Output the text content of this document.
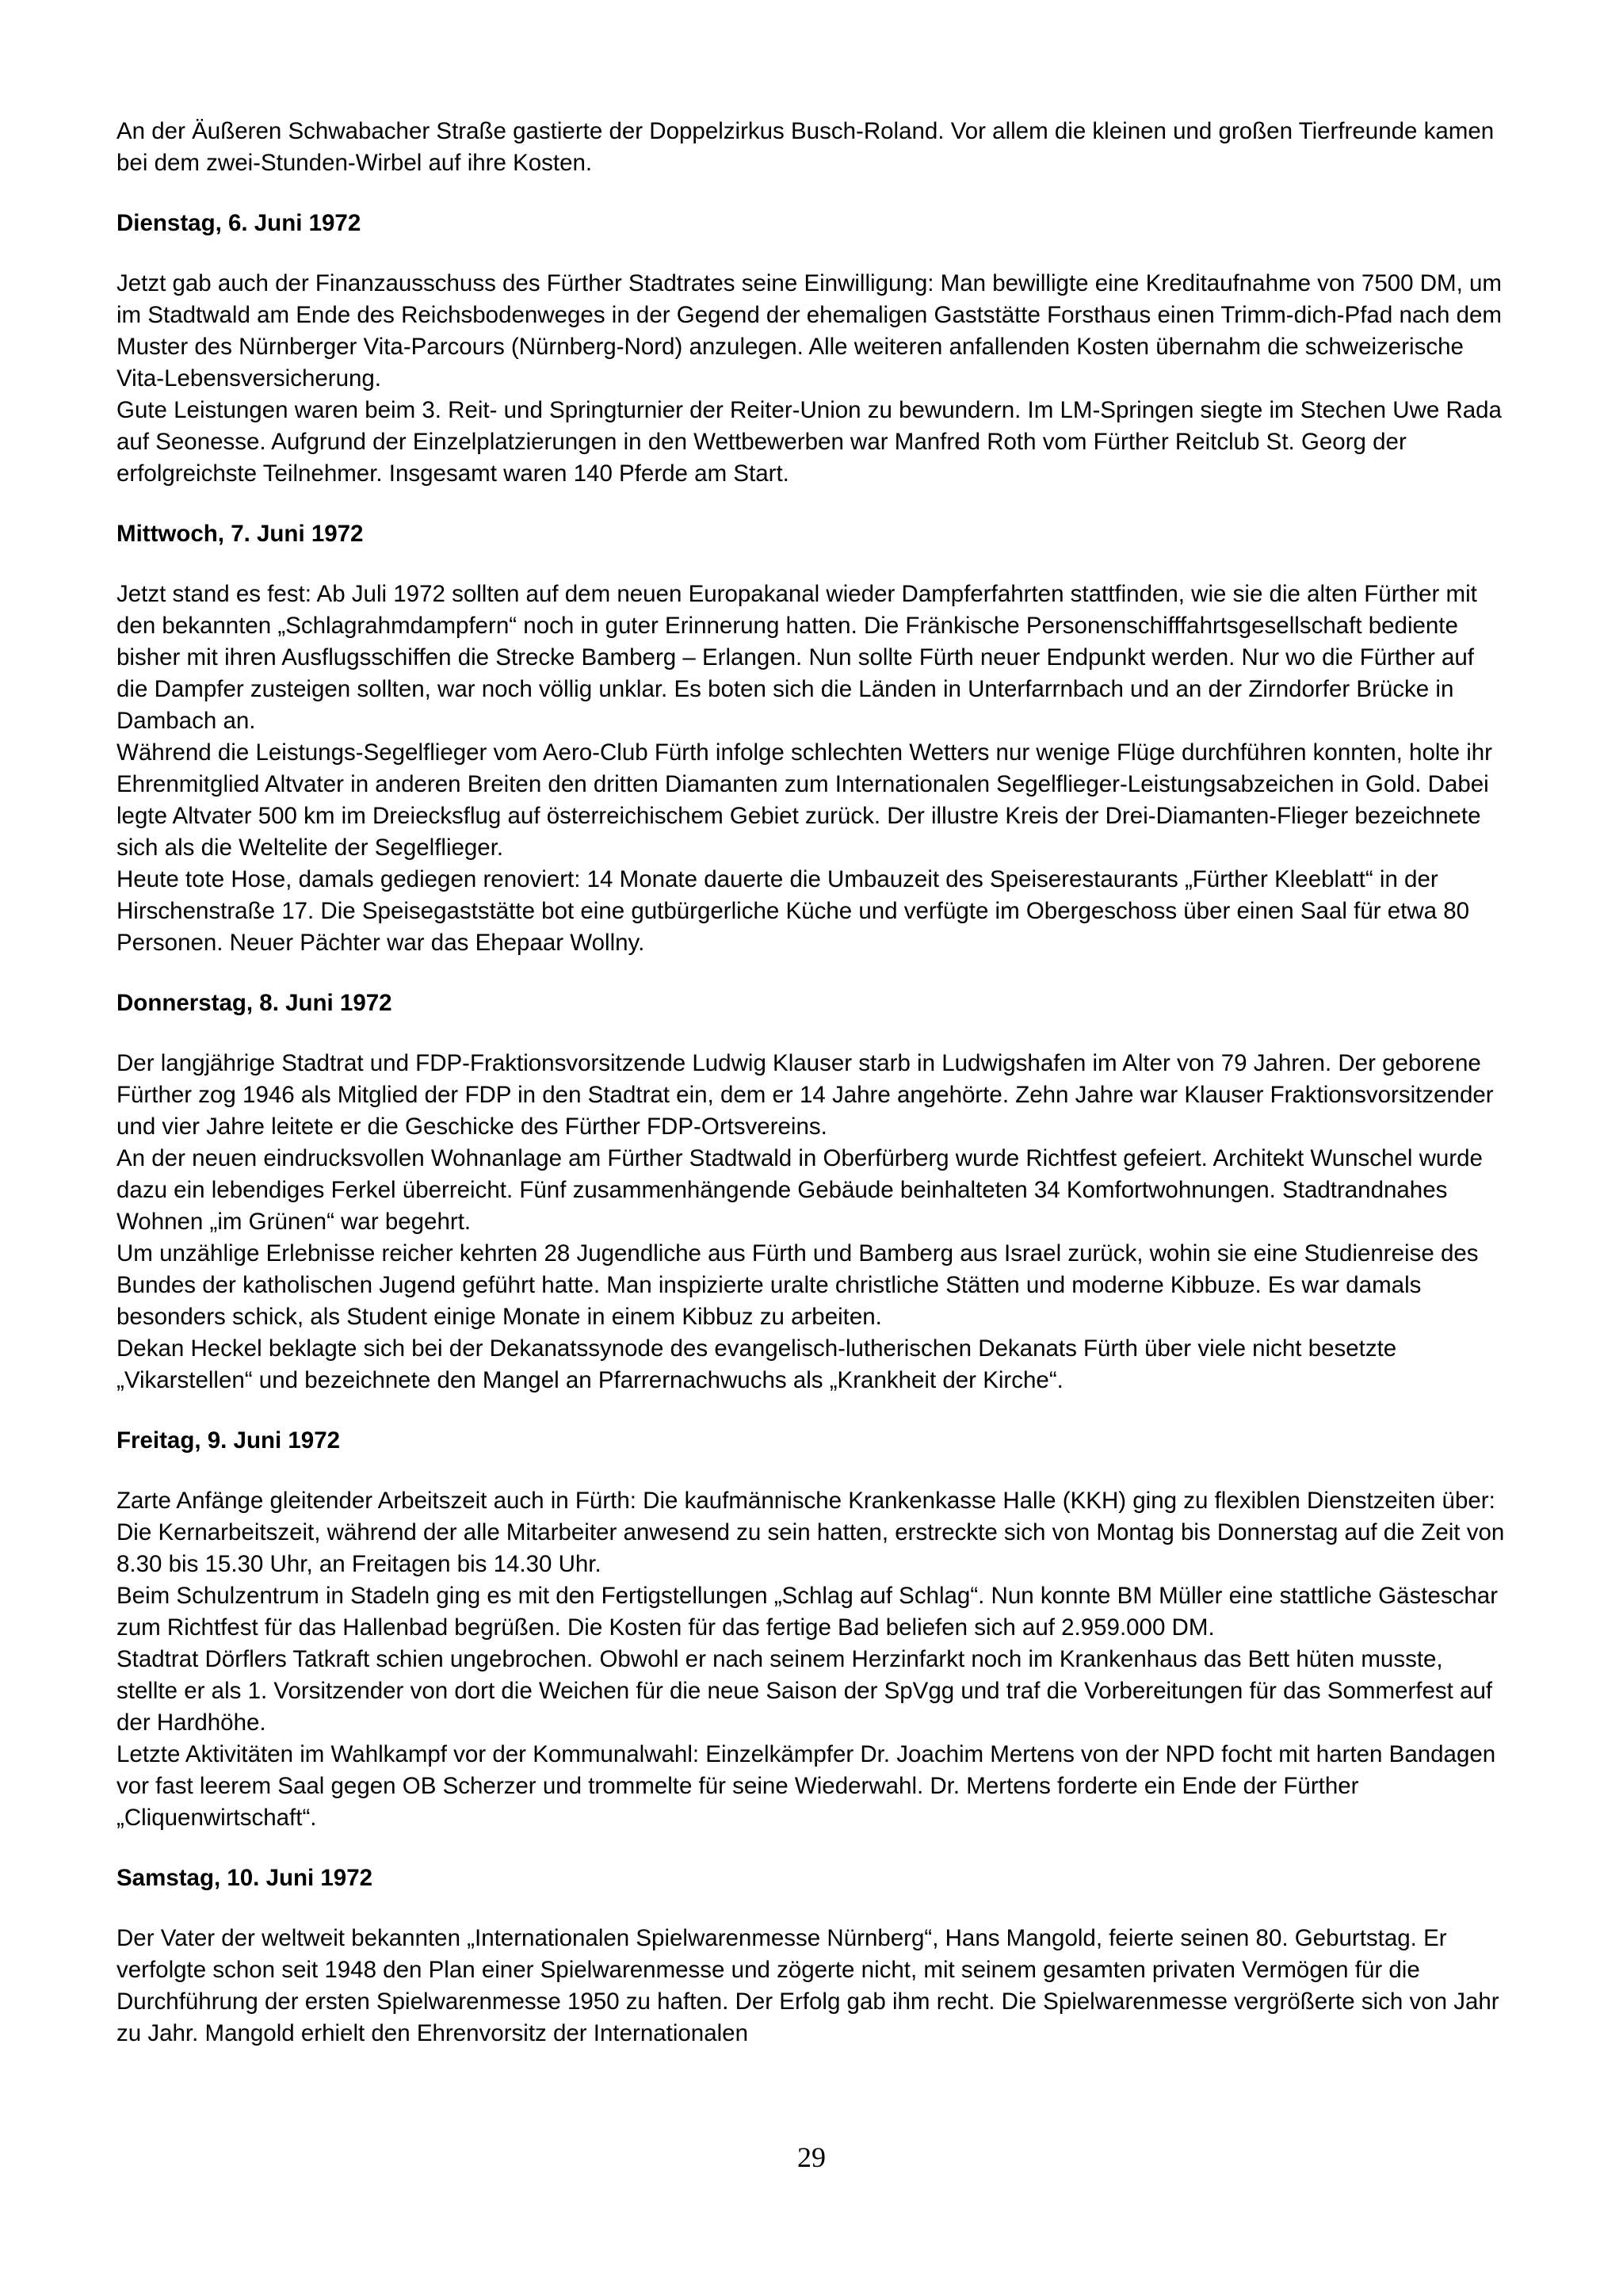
An der Äußeren Schwabacher Straße gastierte der Doppelzirkus Busch-Roland. Vor allem die kleinen und großen Tierfreunde kamen bei dem zwei-Stunden-Wirbel auf ihre Kosten.

Dienstag, 6. Juni 1972

Jetzt gab auch der Finanzausschuss des Fürther Stadtrates seine Einwilligung: Man bewilligte eine Kreditaufnahme von 7500 DM, um im Stadtwald am Ende des Reichsbodenweges in der Gegend der ehemaligen Gaststätte Forsthaus einen Trimm-dich-Pfad nach dem Muster des Nürnberger Vita-Parcours (Nürnberg-Nord) anzulegen. Alle weiteren anfallenden Kosten übernahm die schweizerische Vita-Lebensversicherung.

Gute Leistungen waren beim 3. Reit- und Springturnier der Reiter-Union zu bewundern. Im LM-Springen siegte im Stechen Uwe Rada auf Seonesse. Aufgrund der Einzelplatzierungen in den Wettbewerben war Manfred Roth vom Fürther Reitclub St. Georg der erfolgreichste Teilnehmer. Insgesamt waren 140 Pferde am Start.

Mittwoch, 7. Juni 1972

Jetzt stand es fest: Ab Juli 1972 sollten auf dem neuen Europakanal wieder Dampferfahrten stattfinden, wie sie die alten Fürther mit den bekannten „Schlagrahmdampfern“ noch in guter Erinnerung hatten. Die Fränkische Personenschifffahrtsgesellschaft bediente bisher mit ihren Ausflugsschiffen die Strecke Bamberg – Erlangen. Nun sollte Fürth neuer Endpunkt werden. Nur wo die Fürther auf die Dampfer zusteigen sollten, war noch völlig unklar. Es boten sich die Länden in Unterfarrnbach und an der Zirndorfer Brücke in Dambach an.

Während die Leistungs-Segelflieger vom Aero-Club Fürth infolge schlechten Wetters nur wenige Flüge durchführen konnten, holte ihr Ehrenmitglied Altvater in anderen Breiten den dritten Diamanten zum Internationalen Segelflieger-Leistungsabzeichen in Gold. Dabei legte Altvater 500 km im Dreiecksflug auf österreichischem Gebiet zurück. Der illustre Kreis der Drei-Diamanten-Flieger bezeichnete sich als die Weltelite der Segelflieger.

Heute tote Hose, damals gediegen renoviert: 14 Monate dauerte die Umbauzeit des Speiserestaurants „Fürther Kleeblatt“ in der Hirschenstraße 17. Die Speisegaststätte bot eine gutbürgerliche Küche und verfügte im Obergeschoss über einen Saal für etwa 80 Personen. Neuer Pächter war das Ehepaar Wollny.

Donnerstag, 8. Juni 1972

Der langjährige Stadtrat und FDP-Fraktionsvorsitzende Ludwig Klauser starb in Ludwigshafen im Alter von 79 Jahren. Der geborene Fürther zog 1946 als Mitglied der FDP in den Stadtrat ein, dem er 14 Jahre angehörte. Zehn Jahre war Klauser Fraktionsvorsitzender und vier Jahre leitete er die Geschicke des Fürther FDP-Ortsvereins.

An der neuen eindrucksvollen Wohnanlage am Fürther Stadtwald in Oberfürberg wurde Richtfest gefeiert. Architekt Wunschel wurde dazu ein lebendiges Ferkel überreicht. Fünf zusammenhängende Gebäude beinhalteten 34 Komfortwohnungen. Stadtrandnahes Wohnen „im Grünen“ war begehrt.

Um unzählige Erlebnisse reicher kehrten 28 Jugendliche aus Fürth und Bamberg aus Israel zurück, wohin sie eine Studienreise des Bundes der katholischen Jugend geführt hatte. Man inspizierte uralte christliche Stätten und moderne Kibbuze. Es war damals besonders schick, als Student einige Monate in einem Kibbuz zu arbeiten.

Dekan Heckel beklagte sich bei der Dekanatssynode des evangelisch-lutherischen Dekanats Fürth über viele nicht besetzte „Vikarstellen“ und bezeichnete den Mangel an Pfarrernachwuchs als „Krankheit der Kirche“.

Freitag, 9. Juni 1972

Zarte Anfänge gleitender Arbeitszeit auch in Fürth: Die kaufmännische Krankenkasse Halle (KKH) ging zu flexiblen Dienstzeiten über: Die Kernarbeitszeit, während der alle Mitarbeiter anwesend zu sein hatten, erstreckte sich von Montag bis Donnerstag auf die Zeit von 8.30 bis 15.30 Uhr, an Freitagen bis 14.30 Uhr.

Beim Schulzentrum in Stadeln ging es mit den Fertigstellungen „Schlag auf Schlag“. Nun konnte BM Müller eine stattliche Gästeschar zum Richtfest für das Hallenbad begrüßen. Die Kosten für das fertige Bad beliefen sich auf 2.959.000 DM.

Stadtrat Dörflers Tatkraft schien ungebrochen. Obwohl er nach seinem Herzinfarkt noch im Krankenhaus das Bett hüten musste, stellte er als 1. Vorsitzender von dort die Weichen für die neue Saison der SpVgg und traf die Vorbereitungen für das Sommerfest auf der Hardhöhe.

Letzte Aktivitäten im Wahlkampf vor der Kommunalwahl: Einzelkämpfer Dr. Joachim Mertens von der NPD focht mit harten Bandagen vor fast leerem Saal gegen OB Scherzer und trommelte für seine Wiederwahl. Dr. Mertens forderte ein Ende der Fürther „Cliquenwirtschaft“.

Samstag, 10. Juni 1972

Der Vater der weltweit bekannten „Internationalen Spielwarenmesse Nürnberg“, Hans Mangold, feierte seinen 80. Geburtstag. Er verfolgte schon seit 1948 den Plan einer Spielwarenmesse und zögerte nicht, mit seinem gesamten privaten Vermögen für die Durchführung der ersten Spielwarenmesse 1950 zu haften. Der Erfolg gab ihm recht. Die Spielwarenmesse vergrößerte sich von Jahr zu Jahr. Mangold erhielt den Ehrenvorsitz der Internationalen

29
